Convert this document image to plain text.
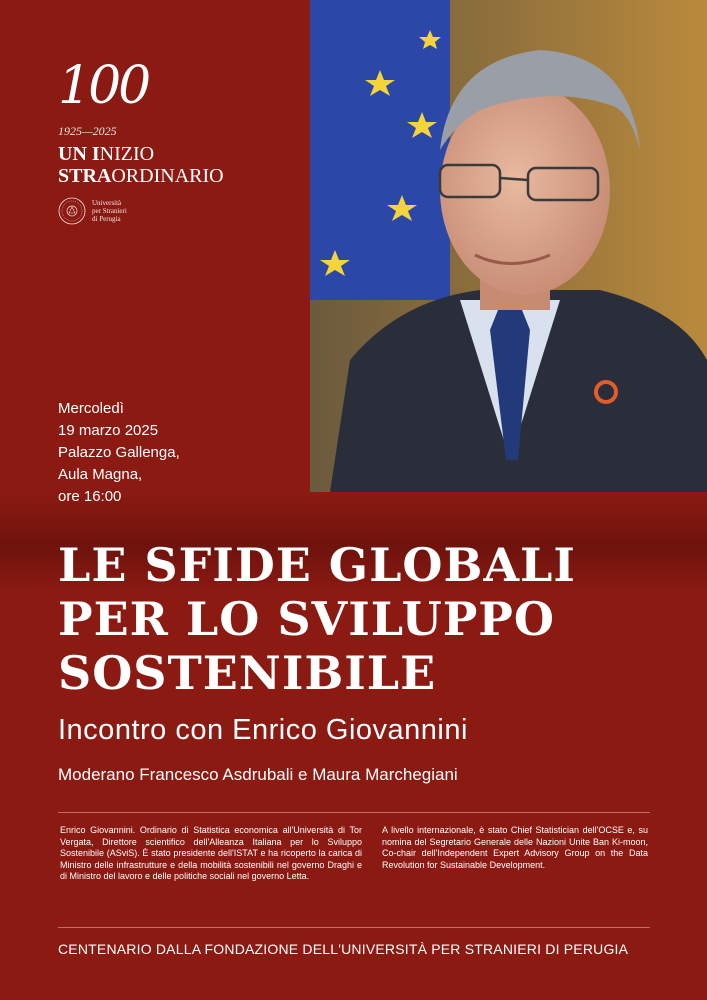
100
1925—2025
UN INIZIO
STRAORDINARIO
Università
per Stranieri
di Perugia
Mercoledì
19 marzo 2025
Palazzo Gallenga,
Aula Magna,
ore 16:00
LE SFIDE GLOBALI
PER LO SVILUPPO
SOSTENIBILE
Incontro con Enrico Giovannini
Moderano Francesco Asdrubali e Maura Marchegiani
Enrico Giovannini. Ordinario di Statistica economica all'Università di Tor Vergata, Direttore scientifico dell'Alleanza Italiana per lo Sviluppo Sostenibile (ASviS). È stato presidente dell'ISTAT e ha ricoperto la carica di Ministro delle infrastrutture e della mobilità sostenibili nel governo Draghi e di Ministro del lavoro e delle politiche sociali nel governo Letta.
A livello internazionale, è stato Chief Statistician dell'OCSE e, su nomina del Segretario Generale delle Nazioni Unite Ban Ki-moon, Co-chair dell'Independent Expert Advisory Group on the Data Revolution for Sustainable Development.
CENTENARIO DALLA FONDAZIONE DELL'UNIVERSITÀ PER STRANIERI DI PERUGIA
